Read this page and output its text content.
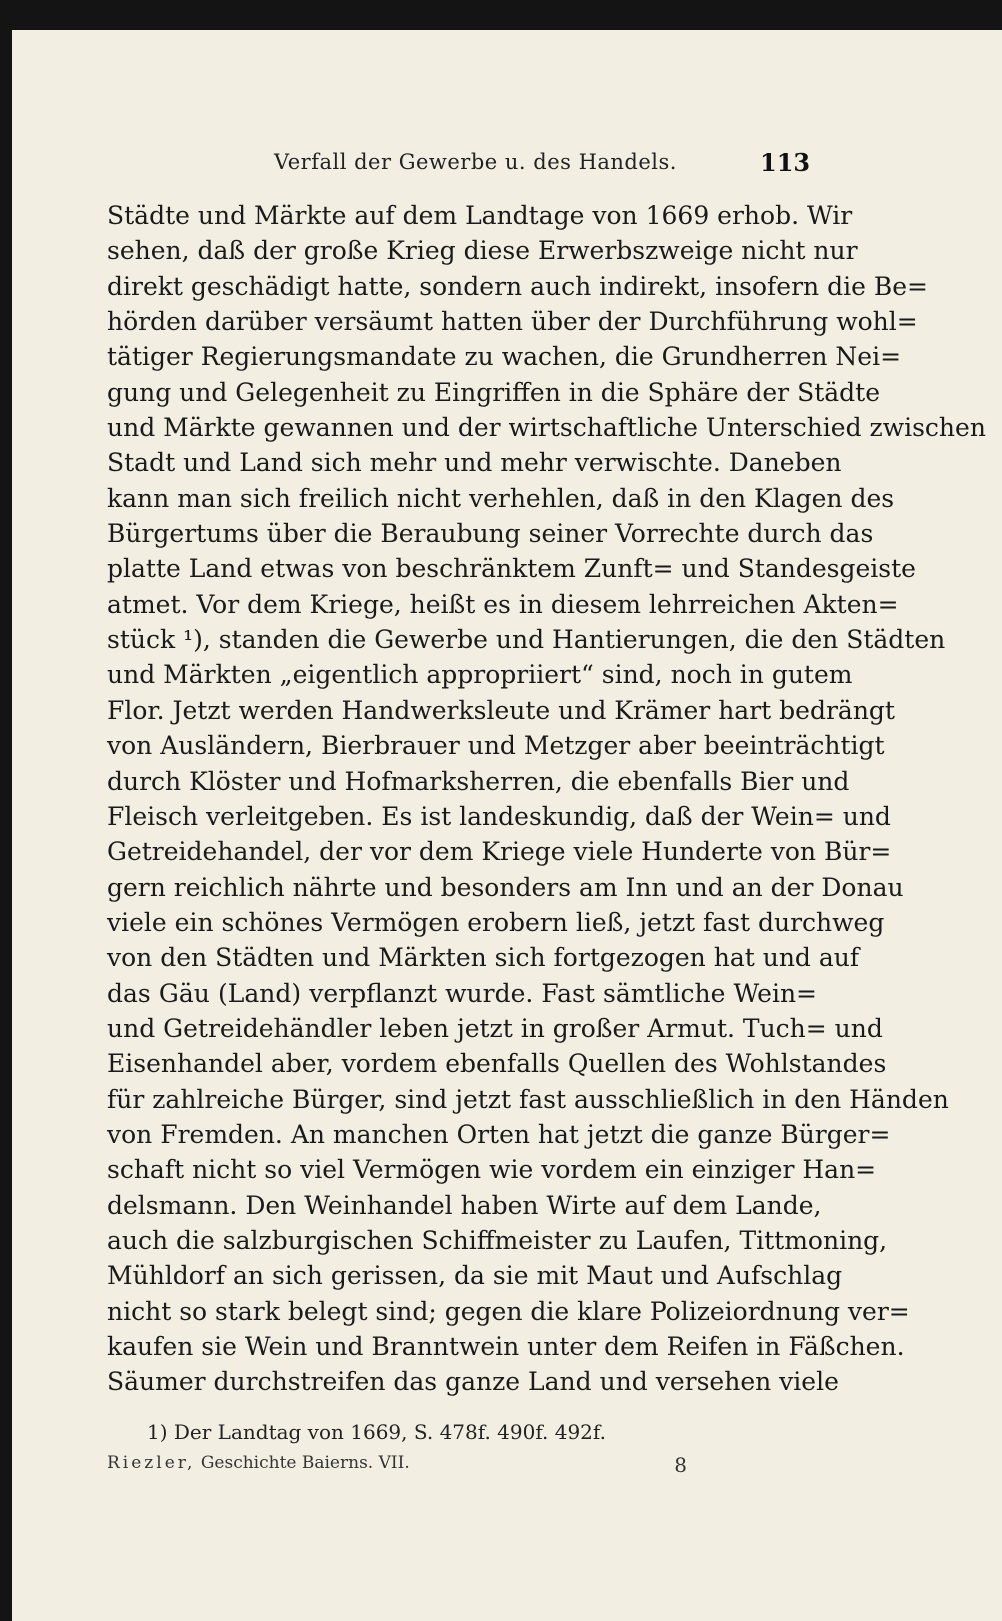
Verfall der Gewerbe u. des Handels.	113
Städte und Märkte auf dem Landtage von 1669 erhob. Wir
sehen, daß der große Krieg diese Erwerbszweige nicht nur
direkt geschädigt hatte, sondern auch indirekt, insofern die Be=
hörden darüber versäumt hatten über der Durchführung wohl=
tätiger Regierungsmandate zu wachen, die Grundherren Nei=
gung und Gelegenheit zu Eingriffen in die Sphäre der Städte
und Märkte gewannen und der wirtschaftliche Unterschied zwischen
Stadt und Land sich mehr und mehr verwischte. Daneben
kann man sich freilich nicht verhehlen, daß in den Klagen des
Bürgertums über die Beraubung seiner Vorrechte durch das
platte Land etwas von beschränktem Zunft= und Standesgeiste
atmet. Vor dem Kriege, heißt es in diesem lehrreichen Akten=
stück ¹), standen die Gewerbe und Hantierungen, die den Städten
und Märkten „eigentlich appropriiert“ sind, noch in gutem
Flor. Jetzt werden Handwerksleute und Krämer hart bedrängt
von Ausländern, Bierbrauer und Metzger aber beeinträchtigt
durch Klöster und Hofmarksherren, die ebenfalls Bier und
Fleisch verleitgeben. Es ist landeskundig, daß der Wein= und
Getreidehandel, der vor dem Kriege viele Hunderte von Bür=
gern reichlich nährte und besonders am Inn und an der Donau
viele ein schönes Vermögen erobern ließ, jetzt fast durchweg
von den Städten und Märkten sich fortgezogen hat und auf
das Gäu (Land) verpflanzt wurde. Fast sämtliche Wein=
und Getreidehändler leben jetzt in großer Armut. Tuch= und
Eisenhandel aber, vordem ebenfalls Quellen des Wohlstandes
für zahlreiche Bürger, sind jetzt fast ausschließlich in den Händen
von Fremden. An manchen Orten hat jetzt die ganze Bürger=
schaft nicht so viel Vermögen wie vordem ein einziger Han=
delsmann. Den Weinhandel haben Wirte auf dem Lande,
auch die salzburgischen Schiffmeister zu Laufen, Tittmoning,
Mühldorf an sich gerissen, da sie mit Maut und Aufschlag
nicht so stark belegt sind; gegen die klare Polizeiordnung ver=
kaufen sie Wein und Branntwein unter dem Reifen in Fäßchen.
Säumer durchstreifen das ganze Land und versehen viele
1) Der Landtag von 1669, S. 478f. 490f. 492f.
Riezler, Geschichte Baierns. VII.	8
